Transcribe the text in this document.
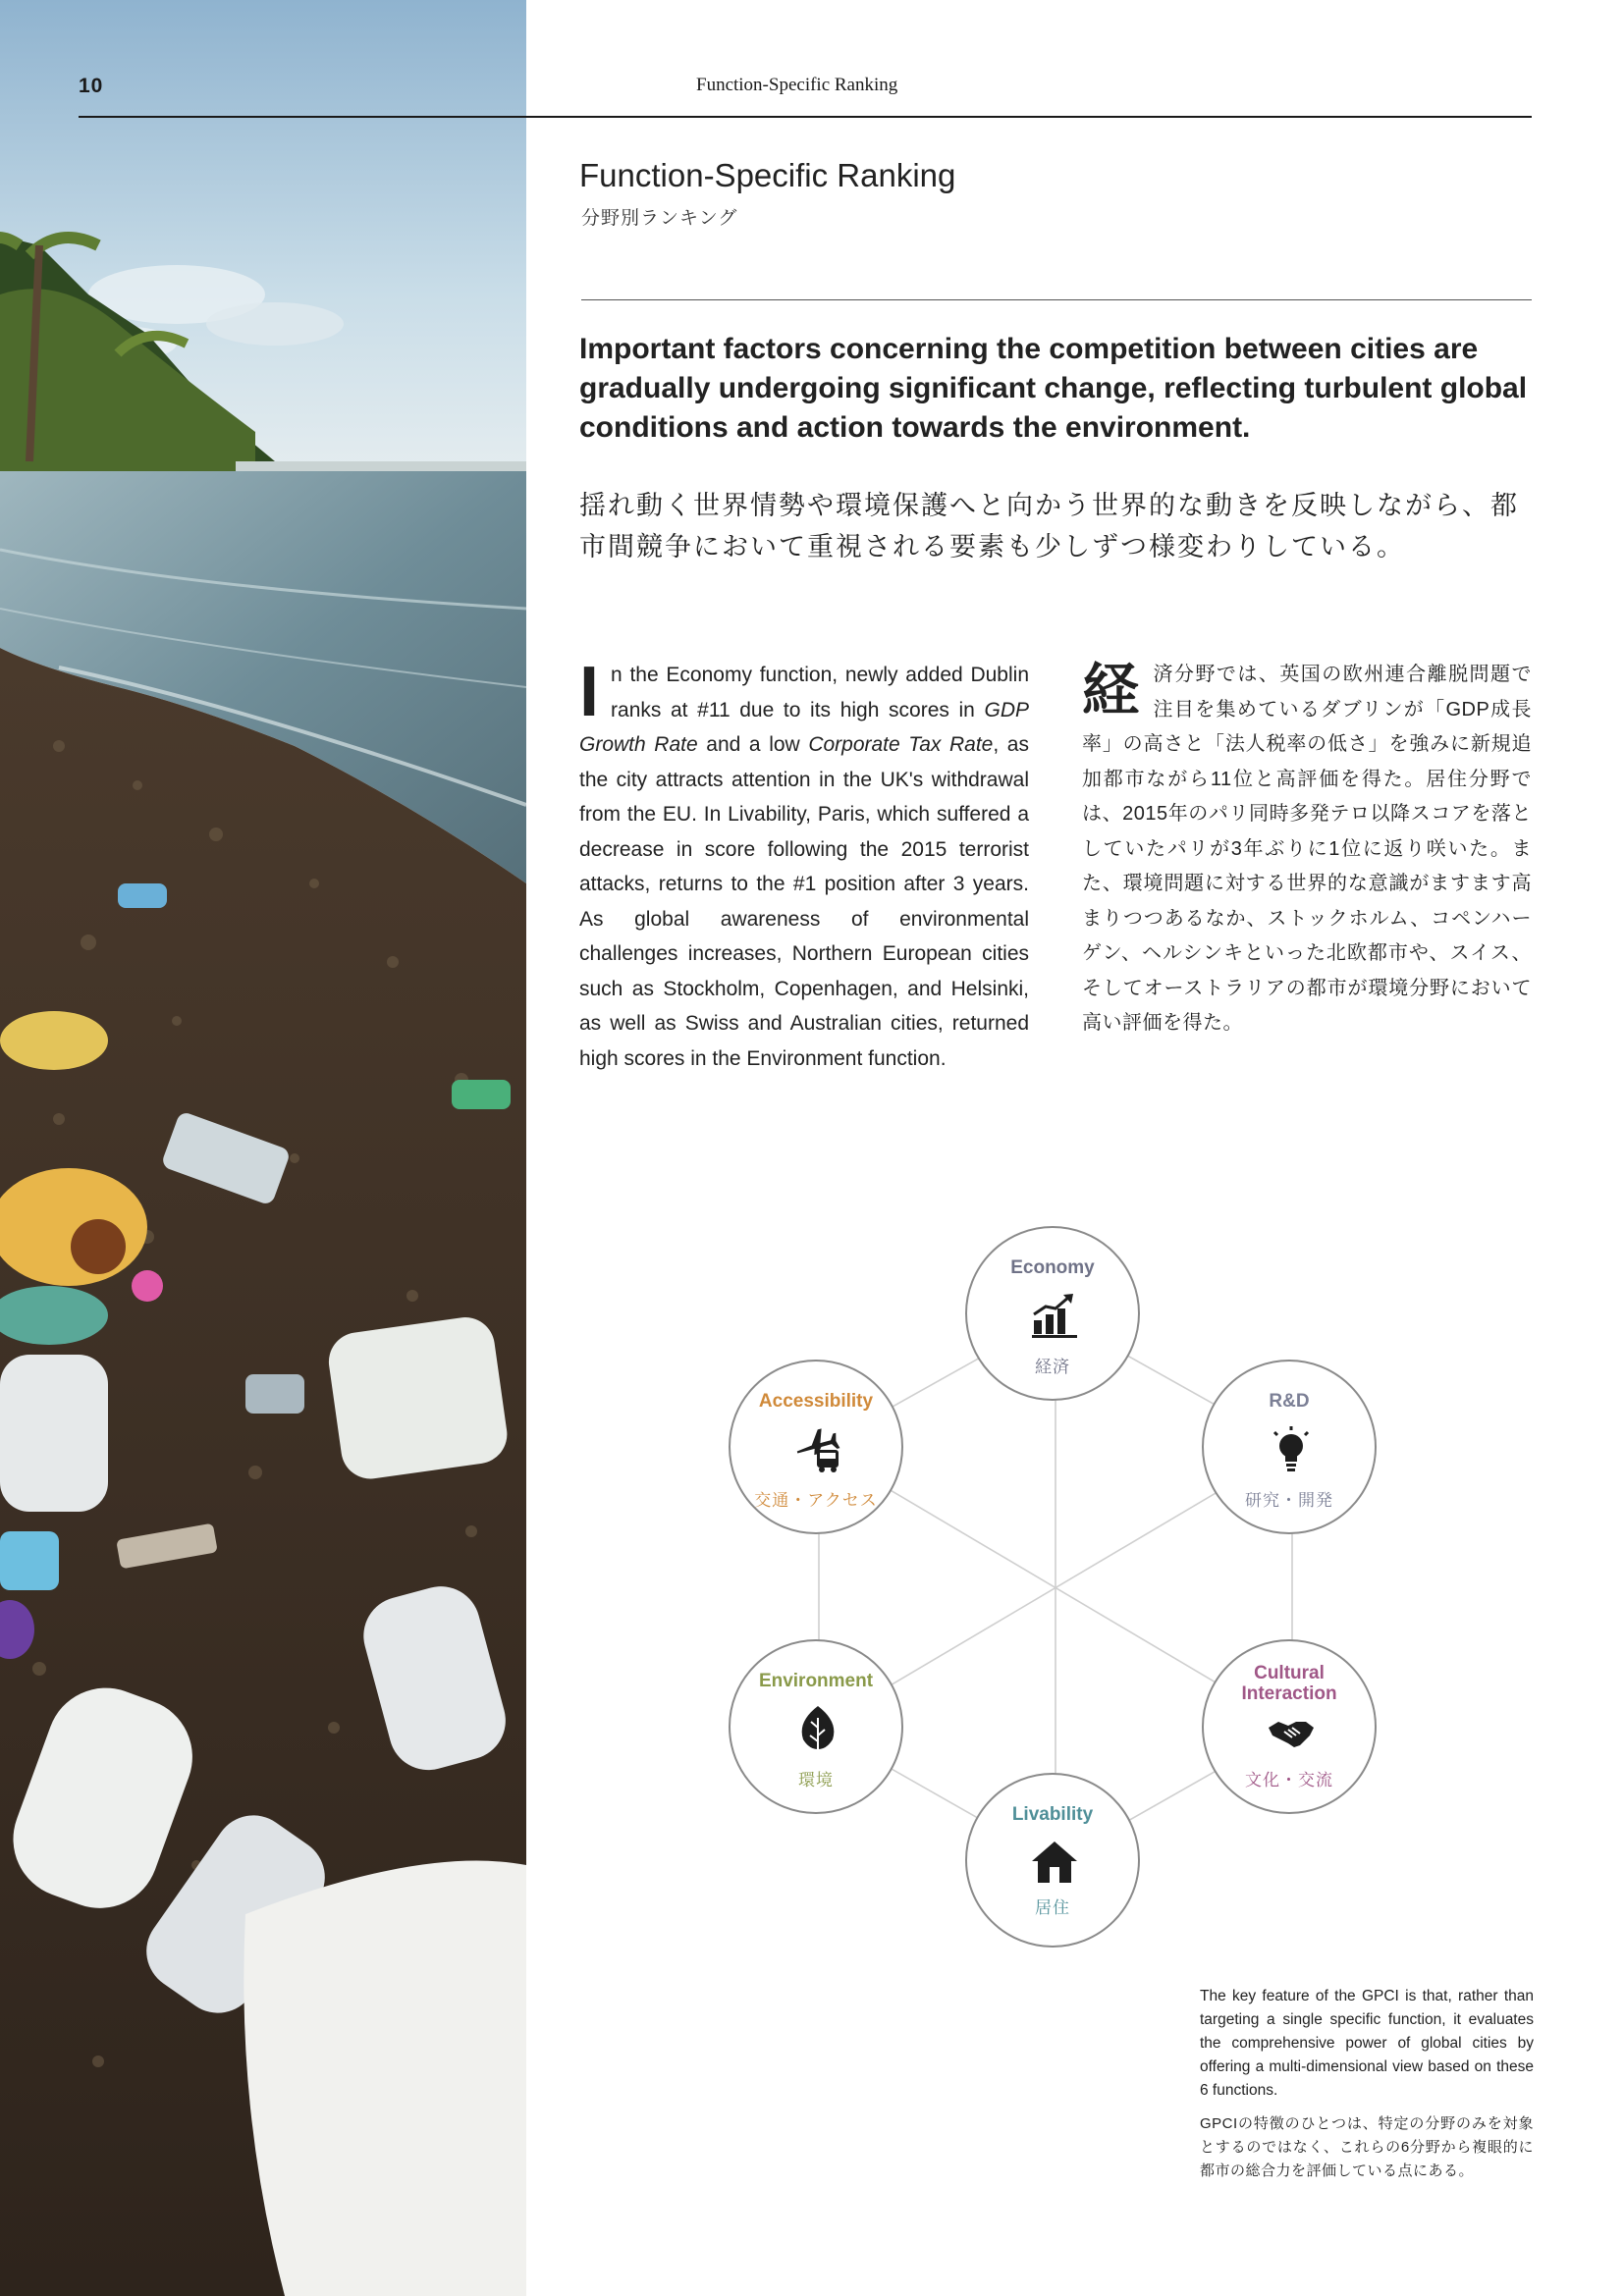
10	Function-Specific Ranking
Function-Specific Ranking
分野別ランキング
Important factors concerning the competition between cities are gradually undergoing significant change, reflecting turbulent global conditions and action towards the environment.
揺れ動く世界情勢や環境保護へと向かう世界的な動きを反映しながら、都市間競争において重視される要素も少しずつ様変わりしている。
In the Economy function, newly added Dublin ranks at #11 due to its high scores in GDP Growth Rate and a low Corporate Tax Rate, as the city attracts attention in the UK's withdrawal from the EU. In Livability, Paris, which suffered a decrease in score following the 2015 terrorist attacks, returns to the #1 position after 3 years. As global awareness of environmental challenges increases, Northern European cities such as Stockholm, Copenhagen, and Helsinki, as well as Swiss and Australian cities, returned high scores in the Environment function.
経済分野では、英国の欧州連合離脱問題で注目を集めているダブリンが「GDP成長率」の高さと「法人税率の低さ」を強みに新規追加都市ながら11位と高評価を得た。居住分野では、2015年のパリ同時多発テロ以降スコアを落としていたパリが3年ぶりに1位に返り咲いた。また、環境問題に対する世界的な意識がますます高まりつつあるなか、ストックホルム、コペンハーゲン、ヘルシンキといった北欧都市や、スイス、そしてオーストラリアの都市が環境分野において高い評価を得た。
Economy
経済
R&D
研究・開発
Cultural Interaction
文化・交流
Livability
居住
Environment
環境
Accessibility
交通・アクセス
The key feature of the GPCI is that, rather than targeting a single specific function, it evaluates the comprehensive power of global cities by offering a multi-dimensional view based on these 6 functions.
GPCIの特徴のひとつは、特定の分野のみを対象とするのではなく、これらの6分野から複眼的に都市の総合力を評価している点にある。
